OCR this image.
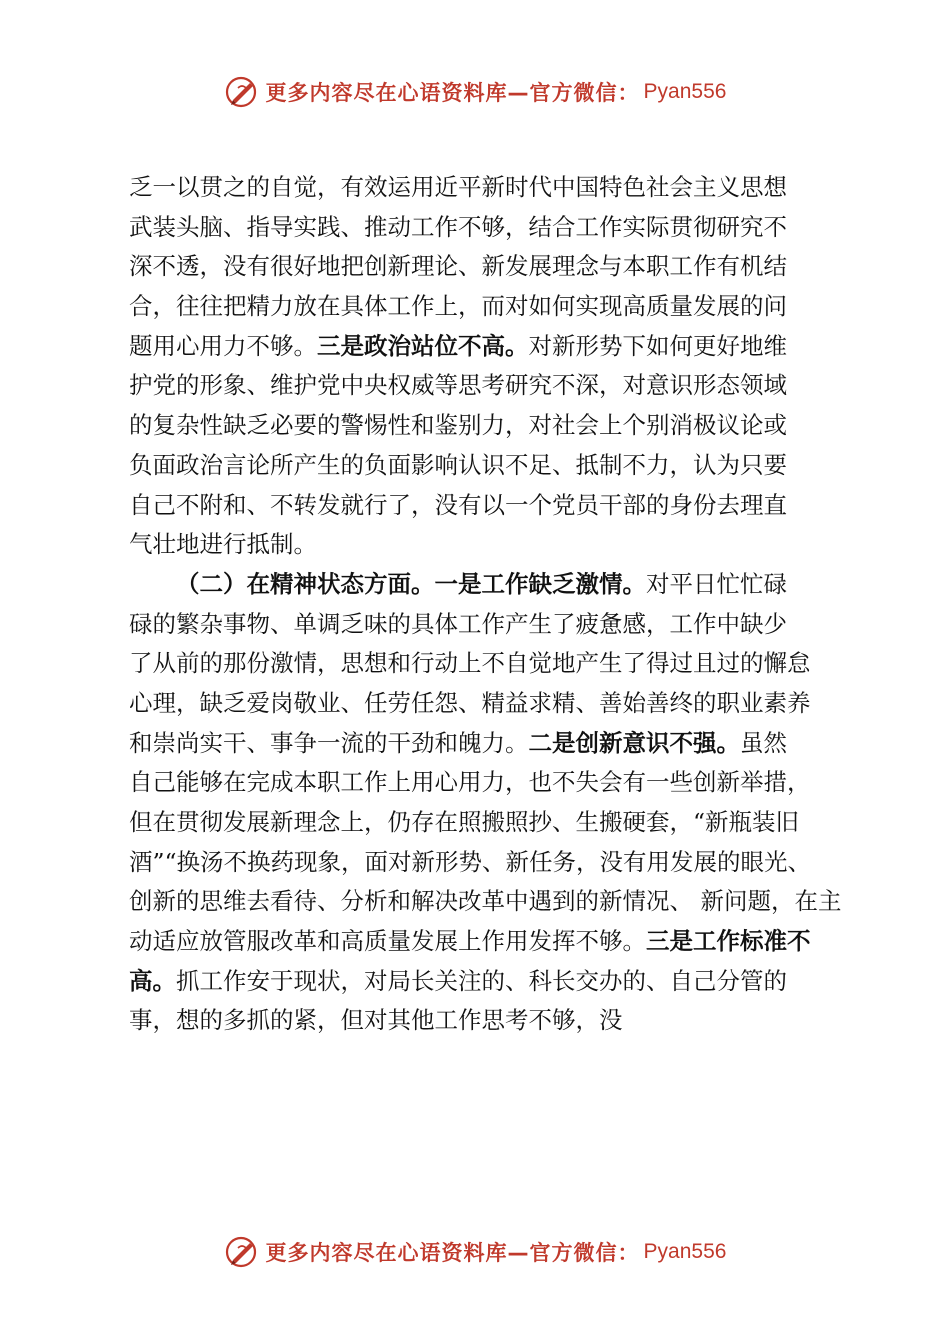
更多内容尽在心语资料库—官方微信： Pyan556
乏一以贯之的自觉，有效运用近平新时代中国特色社会主义思想
武装头脑、指导实践、推动工作不够，结合工作实际贯彻研究不
深不透，没有很好地把创新理论、新发展理念与本职工作有机结
合，往往把精力放在具体工作上，而对如何实现高质量发展的问
题用心用力不够。三是政治站位不高。对新形势下如何更好地维
护党的形象、维护党中央权威等思考研究不深，对意识形态领域
的复杂性缺乏必要的警惕性和鉴别力，对社会上个别消极议论或
负面政治言论所产生的负面影响认识不足、抵制不力，认为只要
自己不附和、不转发就行了，没有以一个党员干部的身份去理直
气壮地进行抵制。
（二）在精神状态方面。一是工作缺乏激情。对平日忙忙碌
碌的繁杂事物、单调乏味的具体工作产生了疲惫感，工作中缺少
了从前的那份激情，思想和行动上不自觉地产生了得过且过的懈怠
心理，缺乏爱岗敬业、任劳任怨、精益求精、善始善终的职业素养
和崇尚实干、事争一流的干劲和魄力。二是创新意识不强。虽然
自己能够在完成本职工作上用心用力，也不失会有一些创新举措，
但在贯彻发展新理念上，仍存在照搬照抄、生搬硬套，“新瓶装旧
酒”“换汤不换药现象，面对新形势、新任务，没有用发展的眼光、
创新的思维去看待、分析和解决改革中遇到的新情况、 新问题，在主
动适应放管服改革和高质量发展上作用发挥不够。三是工作标准不
高。抓工作安于现状，对局长关注的、科长交办的、自己分管的
事，想的多抓的紧，但对其他工作思考不够，没
更多内容尽在心语资料库—官方微信： Pyan556
